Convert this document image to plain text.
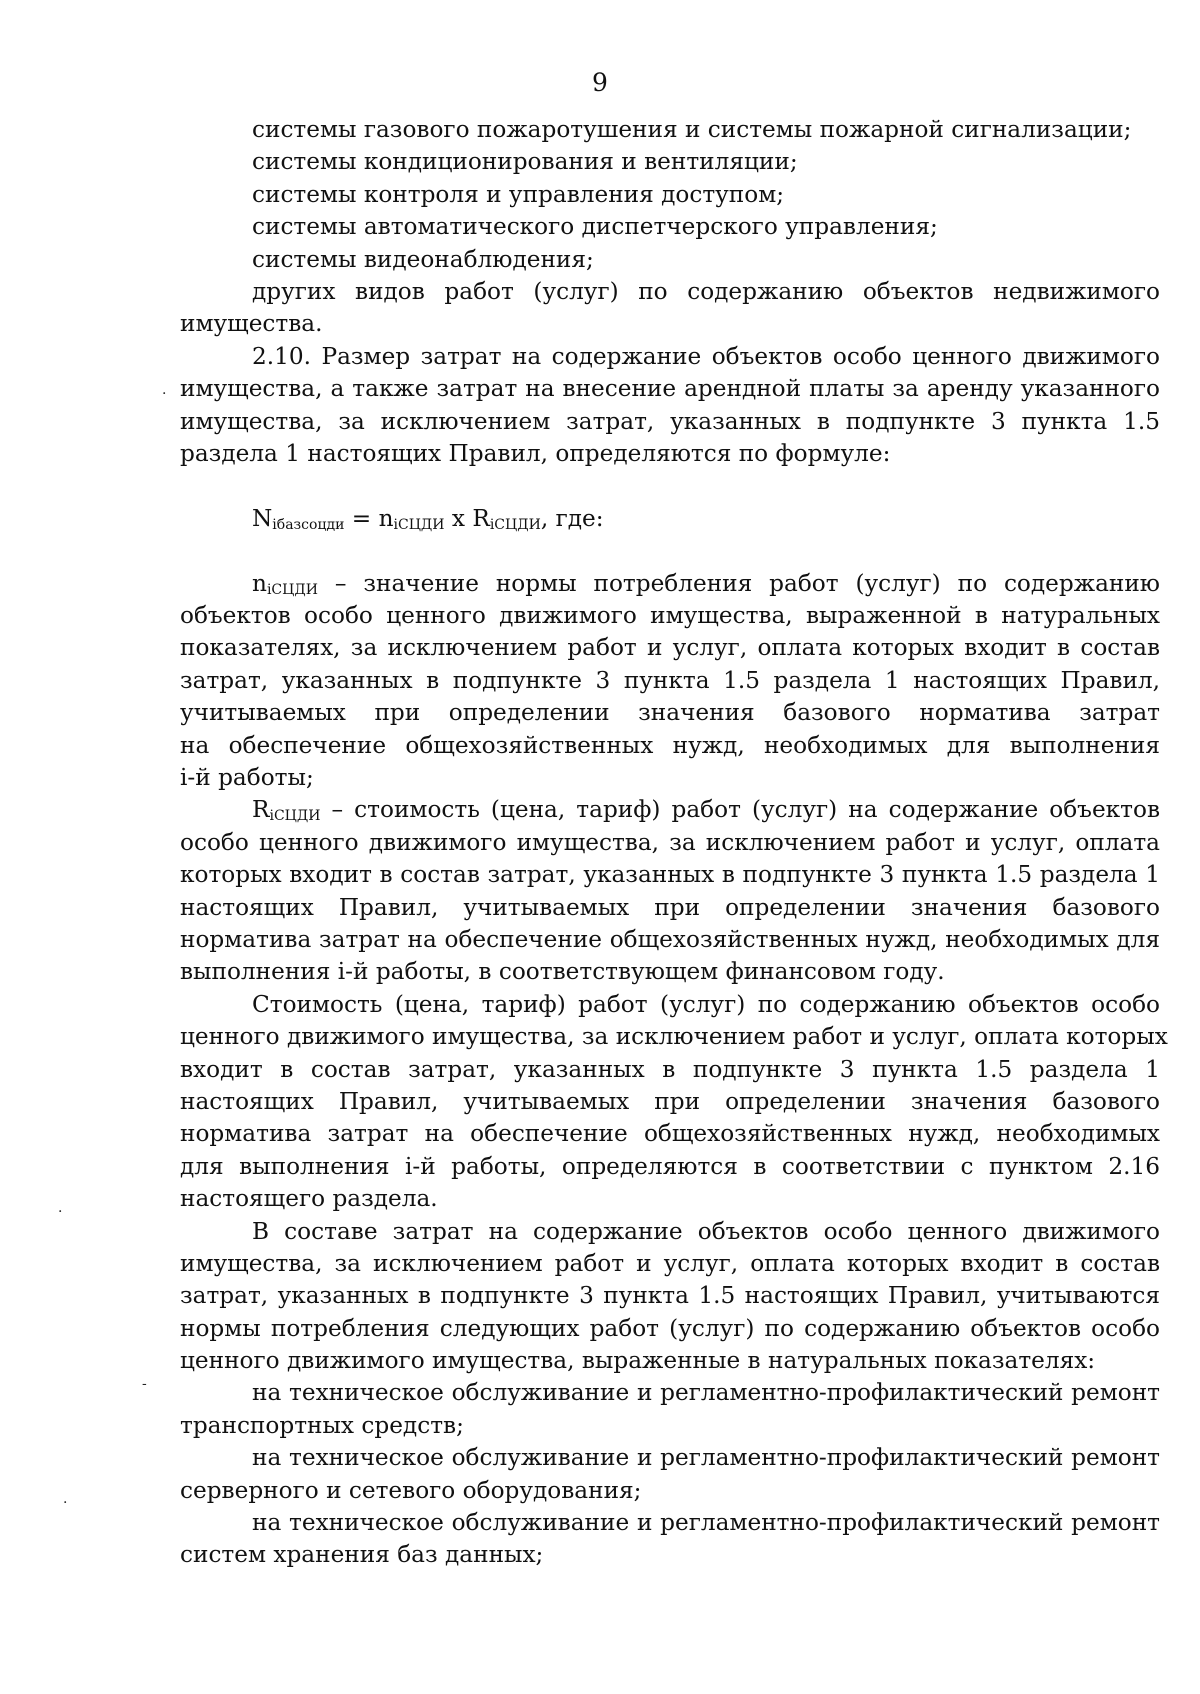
9
системы газового пожаротушения и системы пожарной сигнализации;
системы кондиционирования и вентиляции;
системы контроля и управления доступом;
системы автоматического диспетчерского управления;
системы видеонаблюдения;
других видов работ (услуг) по содержанию объектов недвижимого
имущества.
2.10. Размер затрат на содержание объектов особо ценного движимого
имущества, а также затрат на внесение арендной платы за аренду указанного
имущества, за исключением затрат, указанных в подпункте 3 пункта 1.5
раздела 1 настоящих Правил, определяются по формуле:
$N_{iбазсоцди} = n_{iСЦДИ}$ x $R_{iСЦДИ}$, где:
$n_{iСЦДИ}$ – значение нормы потребления работ (услуг) по содержанию
объектов особо ценного движимого имущества, выраженной в натуральных
показателях, за исключением работ и услуг, оплата которых входит в состав
затрат, указанных в подпункте 3 пункта 1.5 раздела 1 настоящих Правил,
учитываемых при определении значения базового норматива затрат
на обеспечение общехозяйственных нужд, необходимых для выполнения
i-й работы;
$R_{iСЦДИ}$ – стоимость (цена, тариф) работ (услуг) на содержание объектов
особо ценного движимого имущества, за исключением работ и услуг, оплата
которых входит в состав затрат, указанных в подпункте 3 пункта 1.5 раздела 1
настоящих Правил, учитываемых при определении значения базового
норматива затрат на обеспечение общехозяйственных нужд, необходимых для
выполнения i-й работы, в соответствующем финансовом году.
Стоимость (цена, тариф) работ (услуг) по содержанию объектов особо
ценного движимого имущества, за исключением работ и услуг, оплата которых
входит в состав затрат, указанных в подпункте 3 пункта 1.5 раздела 1
настоящих Правил, учитываемых при определении значения базового
норматива затрат на обеспечение общехозяйственных нужд, необходимых
для выполнения i-й работы, определяются в соответствии с пунктом 2.16
настоящего раздела.
В составе затрат на содержание объектов особо ценного движимого
имущества, за исключением работ и услуг, оплата которых входит в состав
затрат, указанных в подпункте 3 пункта 1.5 настоящих Правил, учитываются
нормы потребления следующих работ (услуг) по содержанию объектов особо
ценного движимого имущества, выраженные в натуральных показателях:
на техническое обслуживание и регламентно-профилактический ремонт
транспортных средств;
на техническое обслуживание и регламентно-профилактический ремонт
серверного и сетевого оборудования;
на техническое обслуживание и регламентно-профилактический ремонт
систем хранения баз данных;
·
·
-
·
